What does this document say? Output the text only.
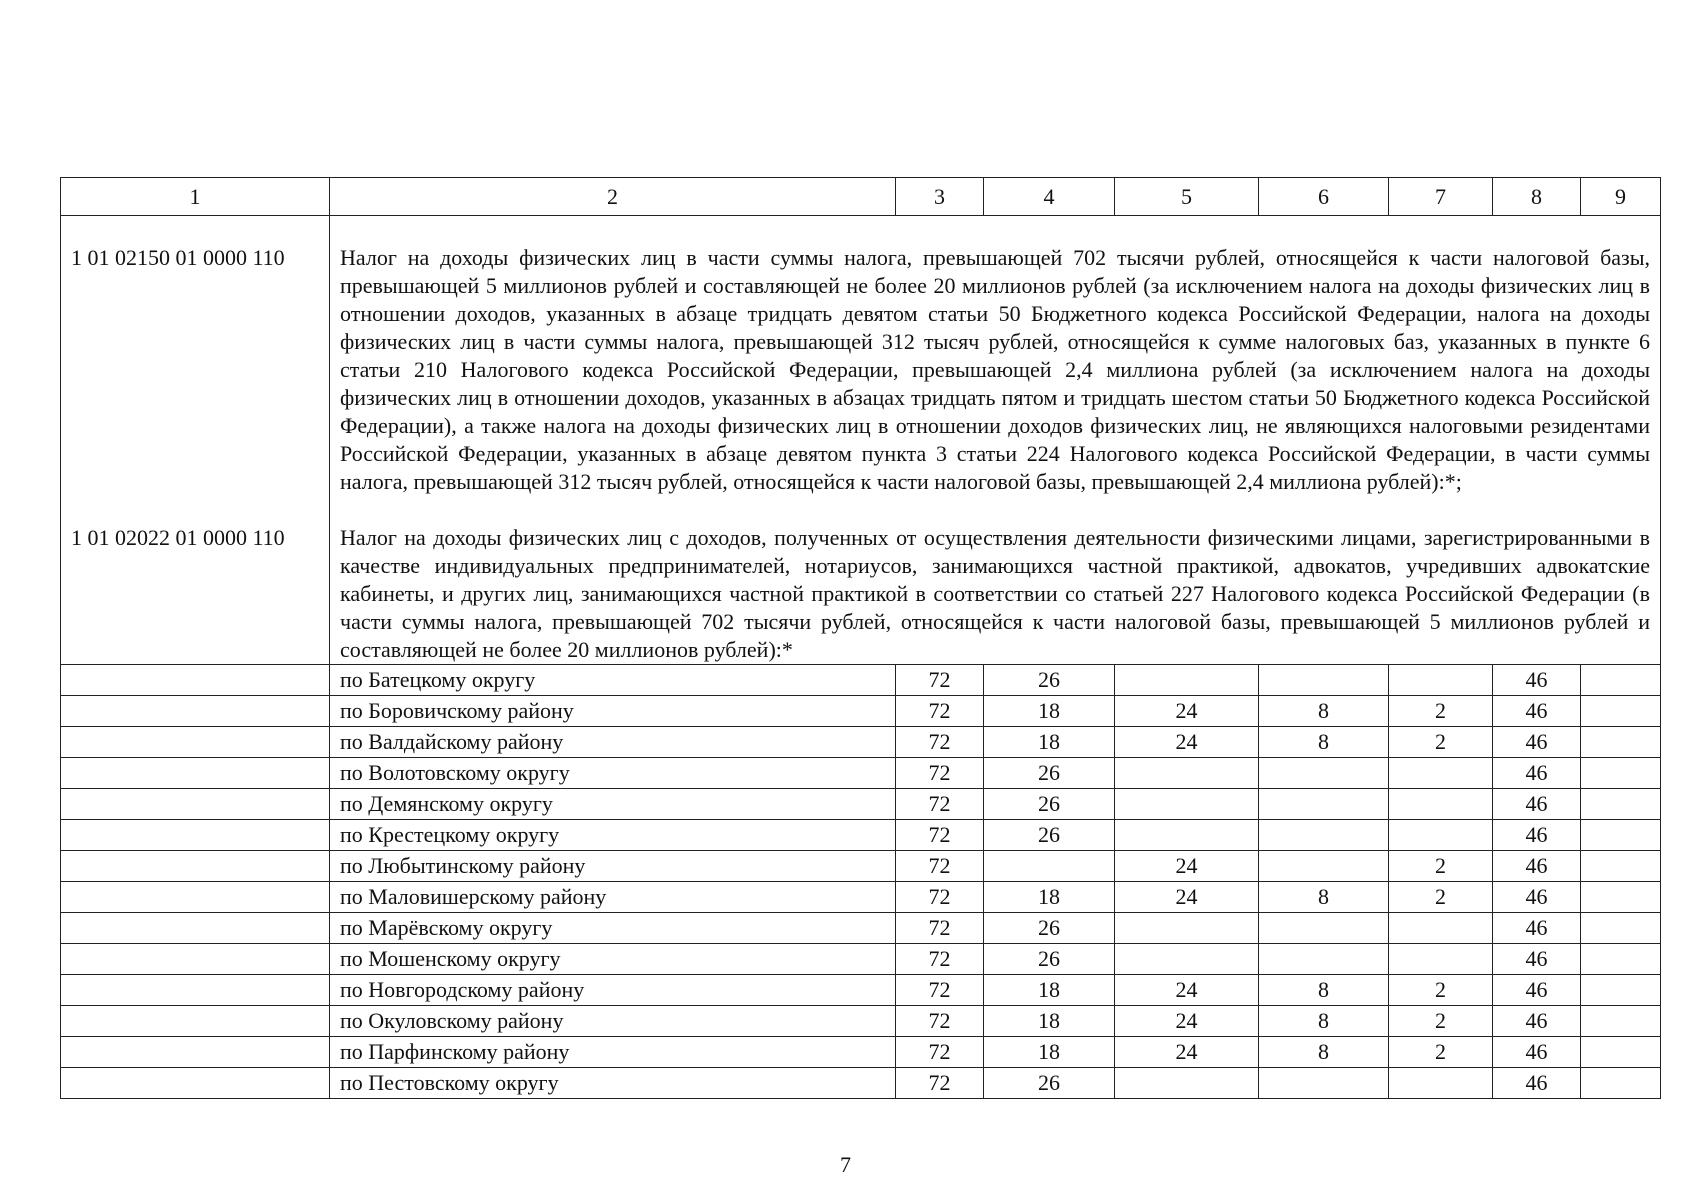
1	2	3	4	5	6	7	8	9
1 01 02150 01 0000 110	Налог на доходы физических лиц в части суммы налога, превышающей 702 тысячи рублей, относящейся к части налоговой базы, превышающей 5 миллионов рублей и составляющей не более 20 миллионов рублей (за исключением налога на доходы физических лиц в отношении доходов, указанных в абзаце тридцать девятом статьи 50 Бюджетного кодекса Российской Федерации, налога на доходы физических лиц в части суммы налога, превышающей 312 тысяч рублей, относящейся к сумме налоговых баз, указанных в пункте 6 статьи 210 Налогового кодекса Российской Федерации, превышающей 2,4 миллиона рублей (за исключением налога на доходы физических лиц в отношении доходов, указанных в абзацах тридцать пятом и тридцать шестом статьи 50 Бюджетного кодекса Российской Федерации), а также налога на доходы физических лиц в отношении доходов физических лиц, не являющихся налоговыми резидентами Российской Федерации, указанных в абзаце девятом пункта 3 статьи 224 Налогового кодекса Российской Федерации, в части суммы налога, превышающей 312 тысяч рублей, относящейся к части налоговой базы, превышающей 2,4 миллиона рублей):*;							
1 01 02022 01 0000 110	Налог на доходы физических лиц с доходов, полученных от осуществления деятельности физическими лицами, зарегистрированными в качестве индивидуальных предпринимателей, нотариусов, занимающихся частной практикой, адвокатов, учредивших адвокатские кабинеты, и других лиц, занимающихся частной практикой в соответствии со статьей 227 Налогового кодекса Российской Федерации (в части суммы налога, превышающей 702 тысячи рублей, относящейся к части налоговой базы, превышающей 5 миллионов рублей и составляющей не более 20 миллионов рублей):*							
	по Батецкому округу	72	26				46	
	по Боровичскому району	72	18	24	8	2	46	
	по Валдайскому району	72	18	24	8	2	46	
	по Волотовскому округу	72	26				46	
	по Демянскому округу	72	26				46	
	по Крестецкому округу	72	26				46	
	по Любытинскому району	72		24		2	46	
	по Маловишерскому району	72	18	24	8	2	46	
	по Марёвскому округу	72	26				46	
	по Мошенскому округу	72	26				46	
	по Новгородскому району	72	18	24	8	2	46	
	по Окуловскому району	72	18	24	8	2	46	
	по Парфинскому району	72	18	24	8	2	46	
	по Пестовскому округу	72	26				46	
7
